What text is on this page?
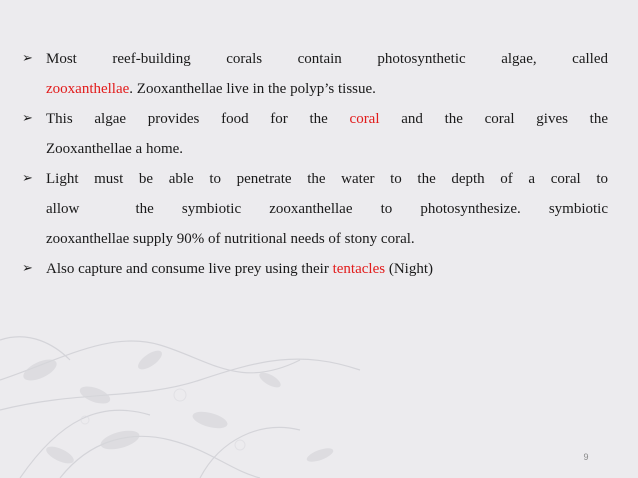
➢ Most reef-building corals contain photosynthetic algae, called
zooxanthellae. Zooxanthellae live in the polyp’s tissue.
➢ This algae provides food for the coral and the coral gives the
Zooxanthellae a home.
➢ Light must be able to penetrate the water to the depth of a coral to
allow  the symbiotic zooxanthellae to photosynthesize. symbiotic
zooxanthellae supply 90% of nutritional needs of stony coral.
➢ Also capture and consume live prey using their tentacles (Night)
9
